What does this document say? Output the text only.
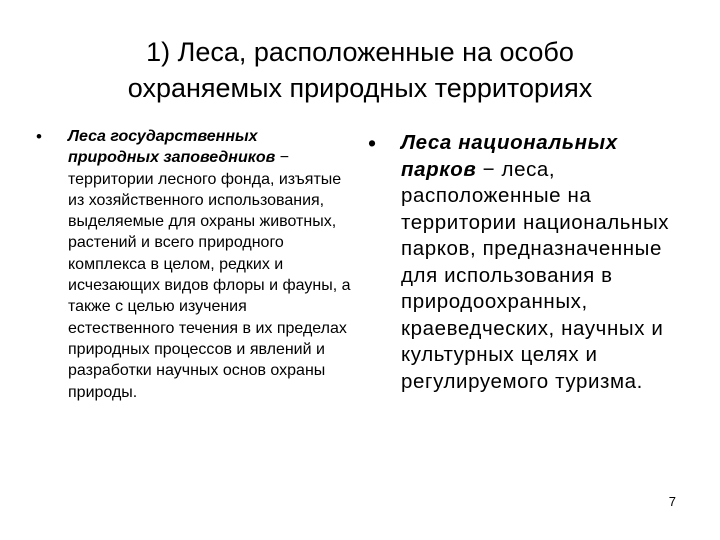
1) Леса, расположенные на особо
охраняемых природных территориях
• Леса государственных природных заповедников − территории лесного фонда, изъятые из хозяйственного использования, выделяемые для охраны животных, растений и всего природного комплекса в целом, редких и исчезающих видов флоры и фауны, а также с целью изучения естественного течения в их пределах природных процессов и явлений и разработки научных основ охраны природы.
• Леса национальных парков − леса, расположенные на территории национальных парков, предназначенные для использования в природоохранных, краеведческих, научных и культурных целях и регулируемого туризма.
7
